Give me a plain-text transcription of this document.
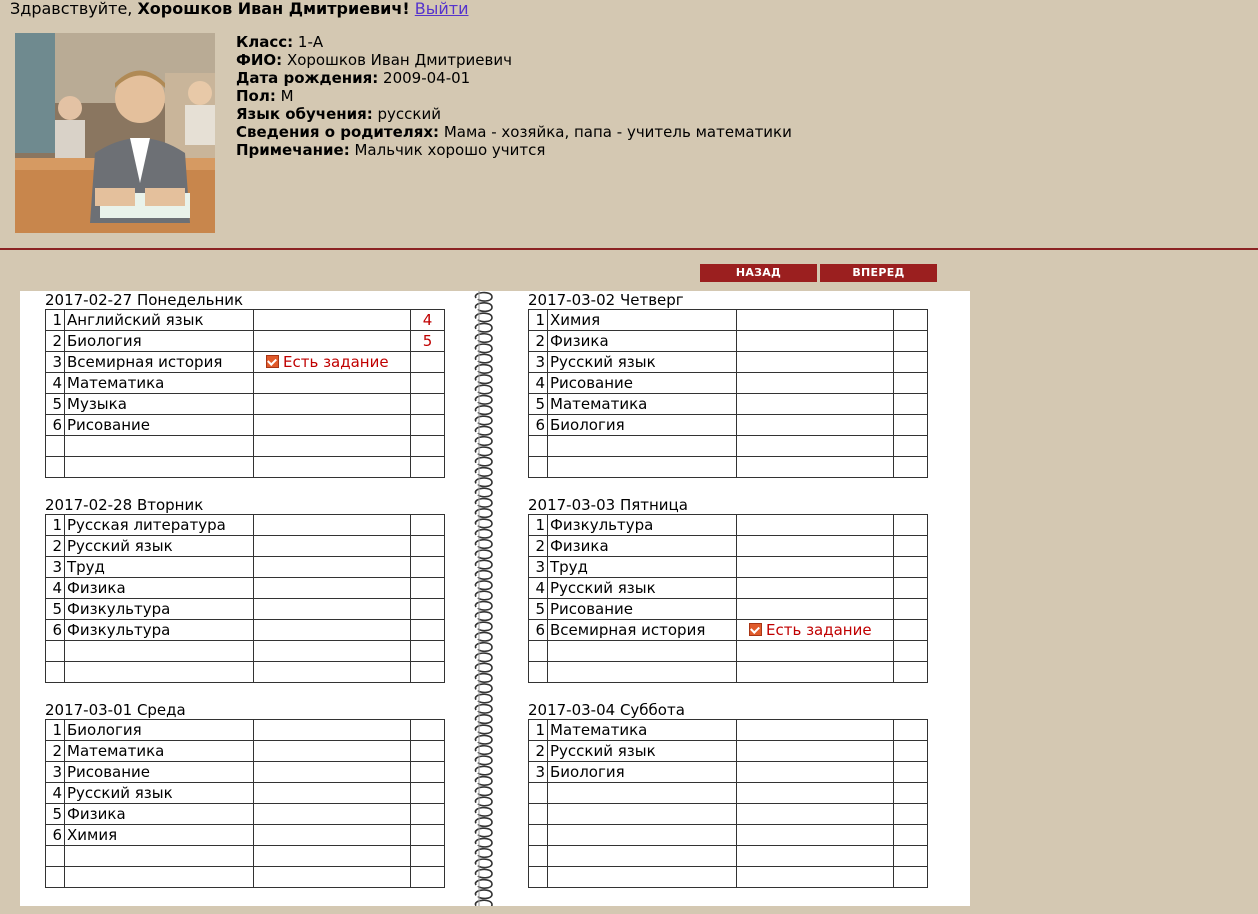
Здравствуйте, Хорошков Иван Дмитриевич! Выйти
Класс: 1-А
ФИО: Хорошков Иван Дмитриевич
Дата рождения: 2009-04-01
Пол: М
Язык обучения: русский
Сведения о родителях: Мама - хозяйка, папа - учитель математики
Примечание: Мальчик хорошо учится
НАЗАД	ВПЕРЕД
2017-02-27 Понедельник
1	Английский язык		4
2	Биология		5
3	Всемирная история	Есть задание	
4	Математика		
5	Музыка		
6	Рисование		

2017-02-28 Вторник
1	Русская литература		
2	Русский язык		
3	Труд		
4	Физика		
5	Физкультура		
6	Физкультура		

2017-03-01 Среда
1	Биология		
2	Математика		
3	Рисование		
4	Русский язык		
5	Физика		
6	Химия		

2017-03-02 Четверг
1	Химия		
2	Физика		
3	Русский язык		
4	Рисование		
5	Математика		
6	Биология		

2017-03-03 Пятница
1	Физкультура		
2	Физика		
3	Труд		
4	Русский язык		
5	Рисование		
6	Всемирная история	Есть задание	

2017-03-04 Суббота
1	Математика		
2	Русский язык		
3	Биология		
